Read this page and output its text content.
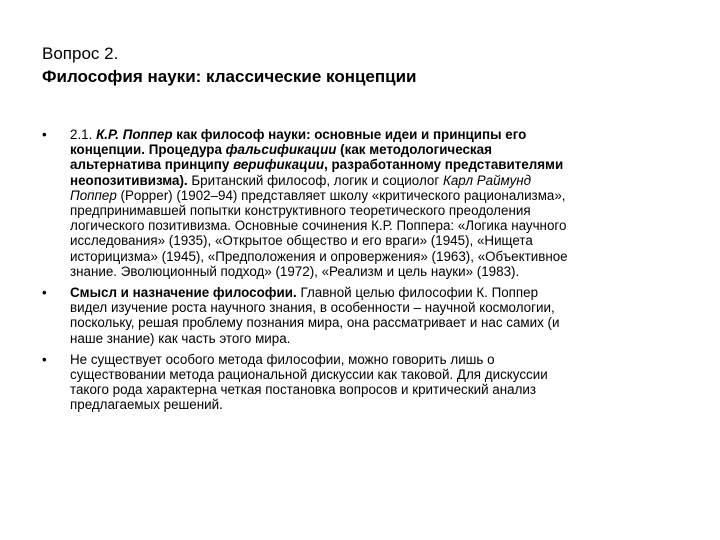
Вопрос 2.
Философия науки: классические концепции
•	2.1. К.Р. Поппер как философ науки: основные идеи и принципы его
концепции. Процедура фальсификации (как методологическая
альтернатива принципу верификации, разработанному представителями
неопозитивизма). Британский философ, логик и социолог Карл Раймунд
Поппер (Popper) (1902–94) представляет школу «критического рационализма»,
предпринимавшей попытки конструктивного теоретического преодоления
логического позитивизма. Основные сочинения К.Р. Поппера: «Логика научного
исследования» (1935), «Открытое общество и его враги» (1945), «Нищета
историцизма» (1945), «Предположения и опровержения» (1963), «Объективное
знание. Эволюционный подход» (1972), «Реализм и цель науки» (1983).
•	Смысл и назначение философии. Главной целью философии К. Поппер
видел изучение роста научного знания, в особенности – научной космологии,
поскольку, решая проблему познания мира, она рассматривает и нас самих (и
наше знание) как часть этого мира.
•	Не существует особого метода философии, можно говорить лишь о
существовании метода рациональной дискуссии как таковой. Для дискуссии
такого рода характерна четкая постановка вопросов и критический анализ
предлагаемых решений.
